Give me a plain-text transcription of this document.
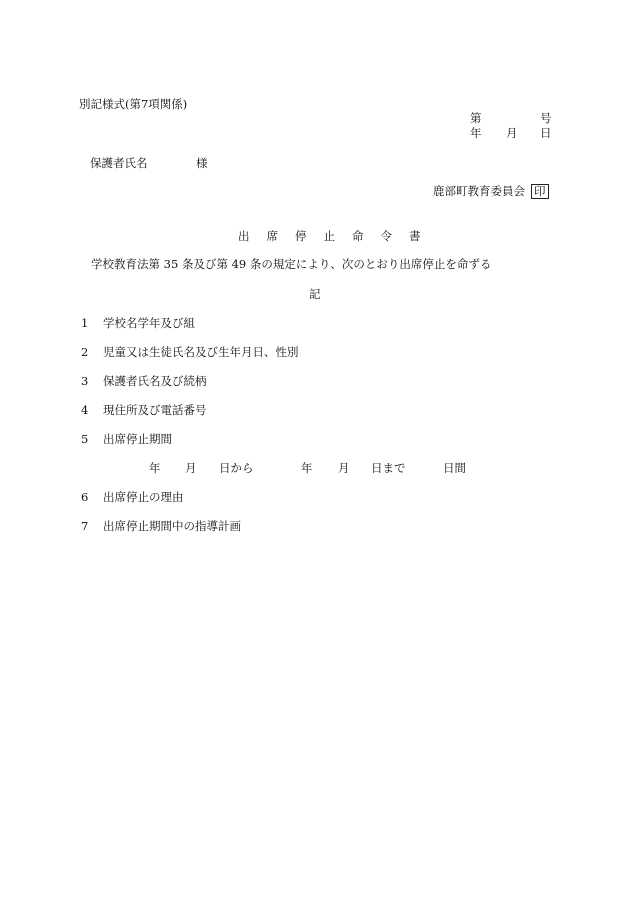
別記様式(第7項関係)
第	号
年 月 日
保護者氏名	様
鹿部町教育委員会 印
出 席 停 止 命 令 書
学校教育法第 35 条及び第 49 条の規定により、次のとおり出席停止を命ずる
記
1 学校名学年及び組
2 児童又は生徒氏名及び生年月日、性別
3 保護者氏名及び続柄
4 現住所及び電話番号
5 出席停止期間
年 月 日から	年 月 日まで	日間
6 出席停止の理由
7 出席停止期間中の指導計画
